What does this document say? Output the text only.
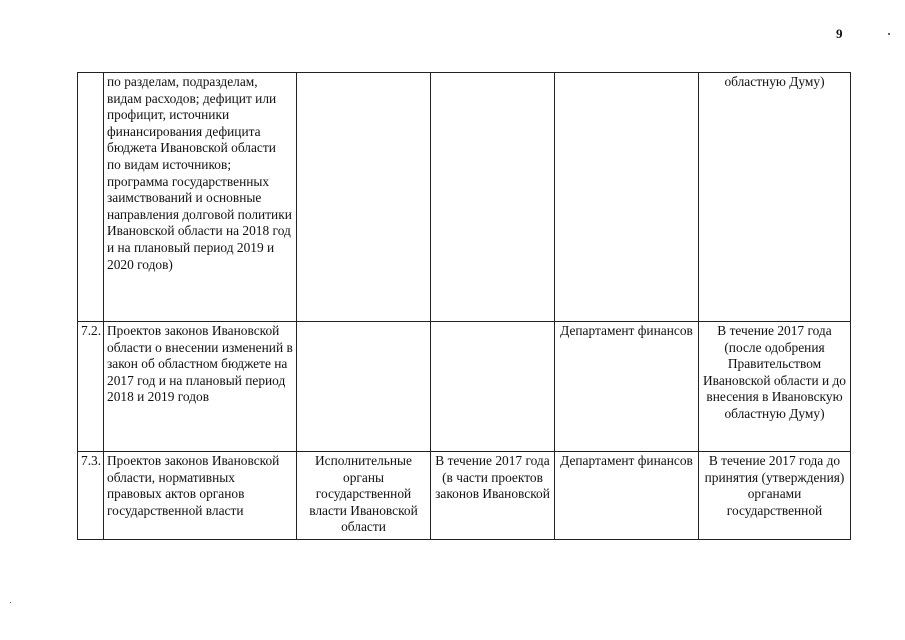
9
	по разделам, подразделам, видам расходов; дефицит или профицит, источники финансирования дефицита бюджета Ивановской области по видам источников; программа государственных заимствований и основные направления долговой политики Ивановской области на 2018 год и на плановый период 2019 и 2020 годов)				областную Думу)
7.2.	Проектов законов Ивановской области о внесении изменений в закон об областном бюджете на 2017 год и на плановый период 2018 и 2019 годов			Департамент финансов	В течение 2017 года (после одобрения Правительством Ивановской области и до внесения в Ивановскую областную Думу)
7.3.	Проектов законов Ивановской области, нормативных правовых актов органов государственной власти	Исполнительные органы государственной власти Ивановской области	В течение 2017 года (в части проектов законов Ивановской	Департамент финансов	В течение 2017 года до принятия (утверждения) органами государственной
